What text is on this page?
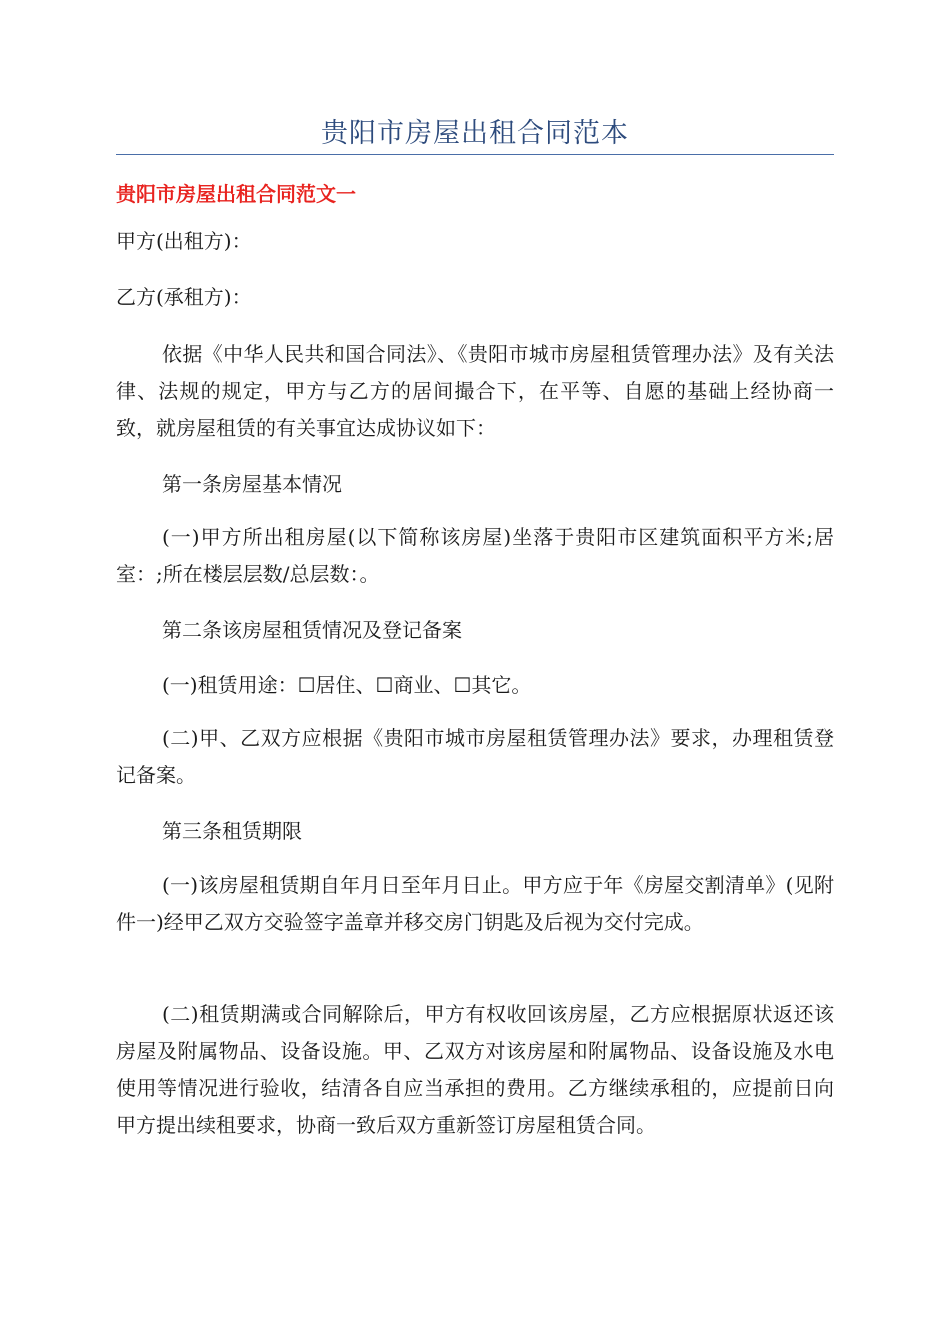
贵阳市房屋出租合同范本
贵阳市房屋出租合同范文一

甲方(出租方)：

乙方(承租方)：

依据《中华人民共和国合同法》、《贵阳市城市房屋租赁管理办法》及有关法律、法规的规定，甲方与乙方的居间撮合下，在平等、自愿的基础上经协商一致，就房屋租赁的有关事宜达成协议如下：

第一条房屋基本情况

(一)甲方所出租房屋(以下简称该房屋)坐落于贵阳市区建筑面积平方米;居室：;所在楼层层数/总层数：。

第二条该房屋租赁情况及登记备案

(一)租赁用途：☐居住、☐商业、☐其它。

(二)甲、乙双方应根据《贵阳市城市房屋租赁管理办法》要求，办理租赁登记备案。

第三条租赁期限

(一)该房屋租赁期自年月日至年月日止。甲方应于年《房屋交割清单》(见附件一)经甲乙双方交验签字盖章并移交房门钥匙及后视为交付完成。

(二)租赁期满或合同解除后，甲方有权收回该房屋，乙方应根据原状返还该房屋及附属物品、设备设施。甲、乙双方对该房屋和附属物品、设备设施及水电使用等情况进行验收，结清各自应当承担的费用。乙方继续承租的，应提前日向甲方提出续租要求，协商一致后双方重新签订房屋租赁合同。
